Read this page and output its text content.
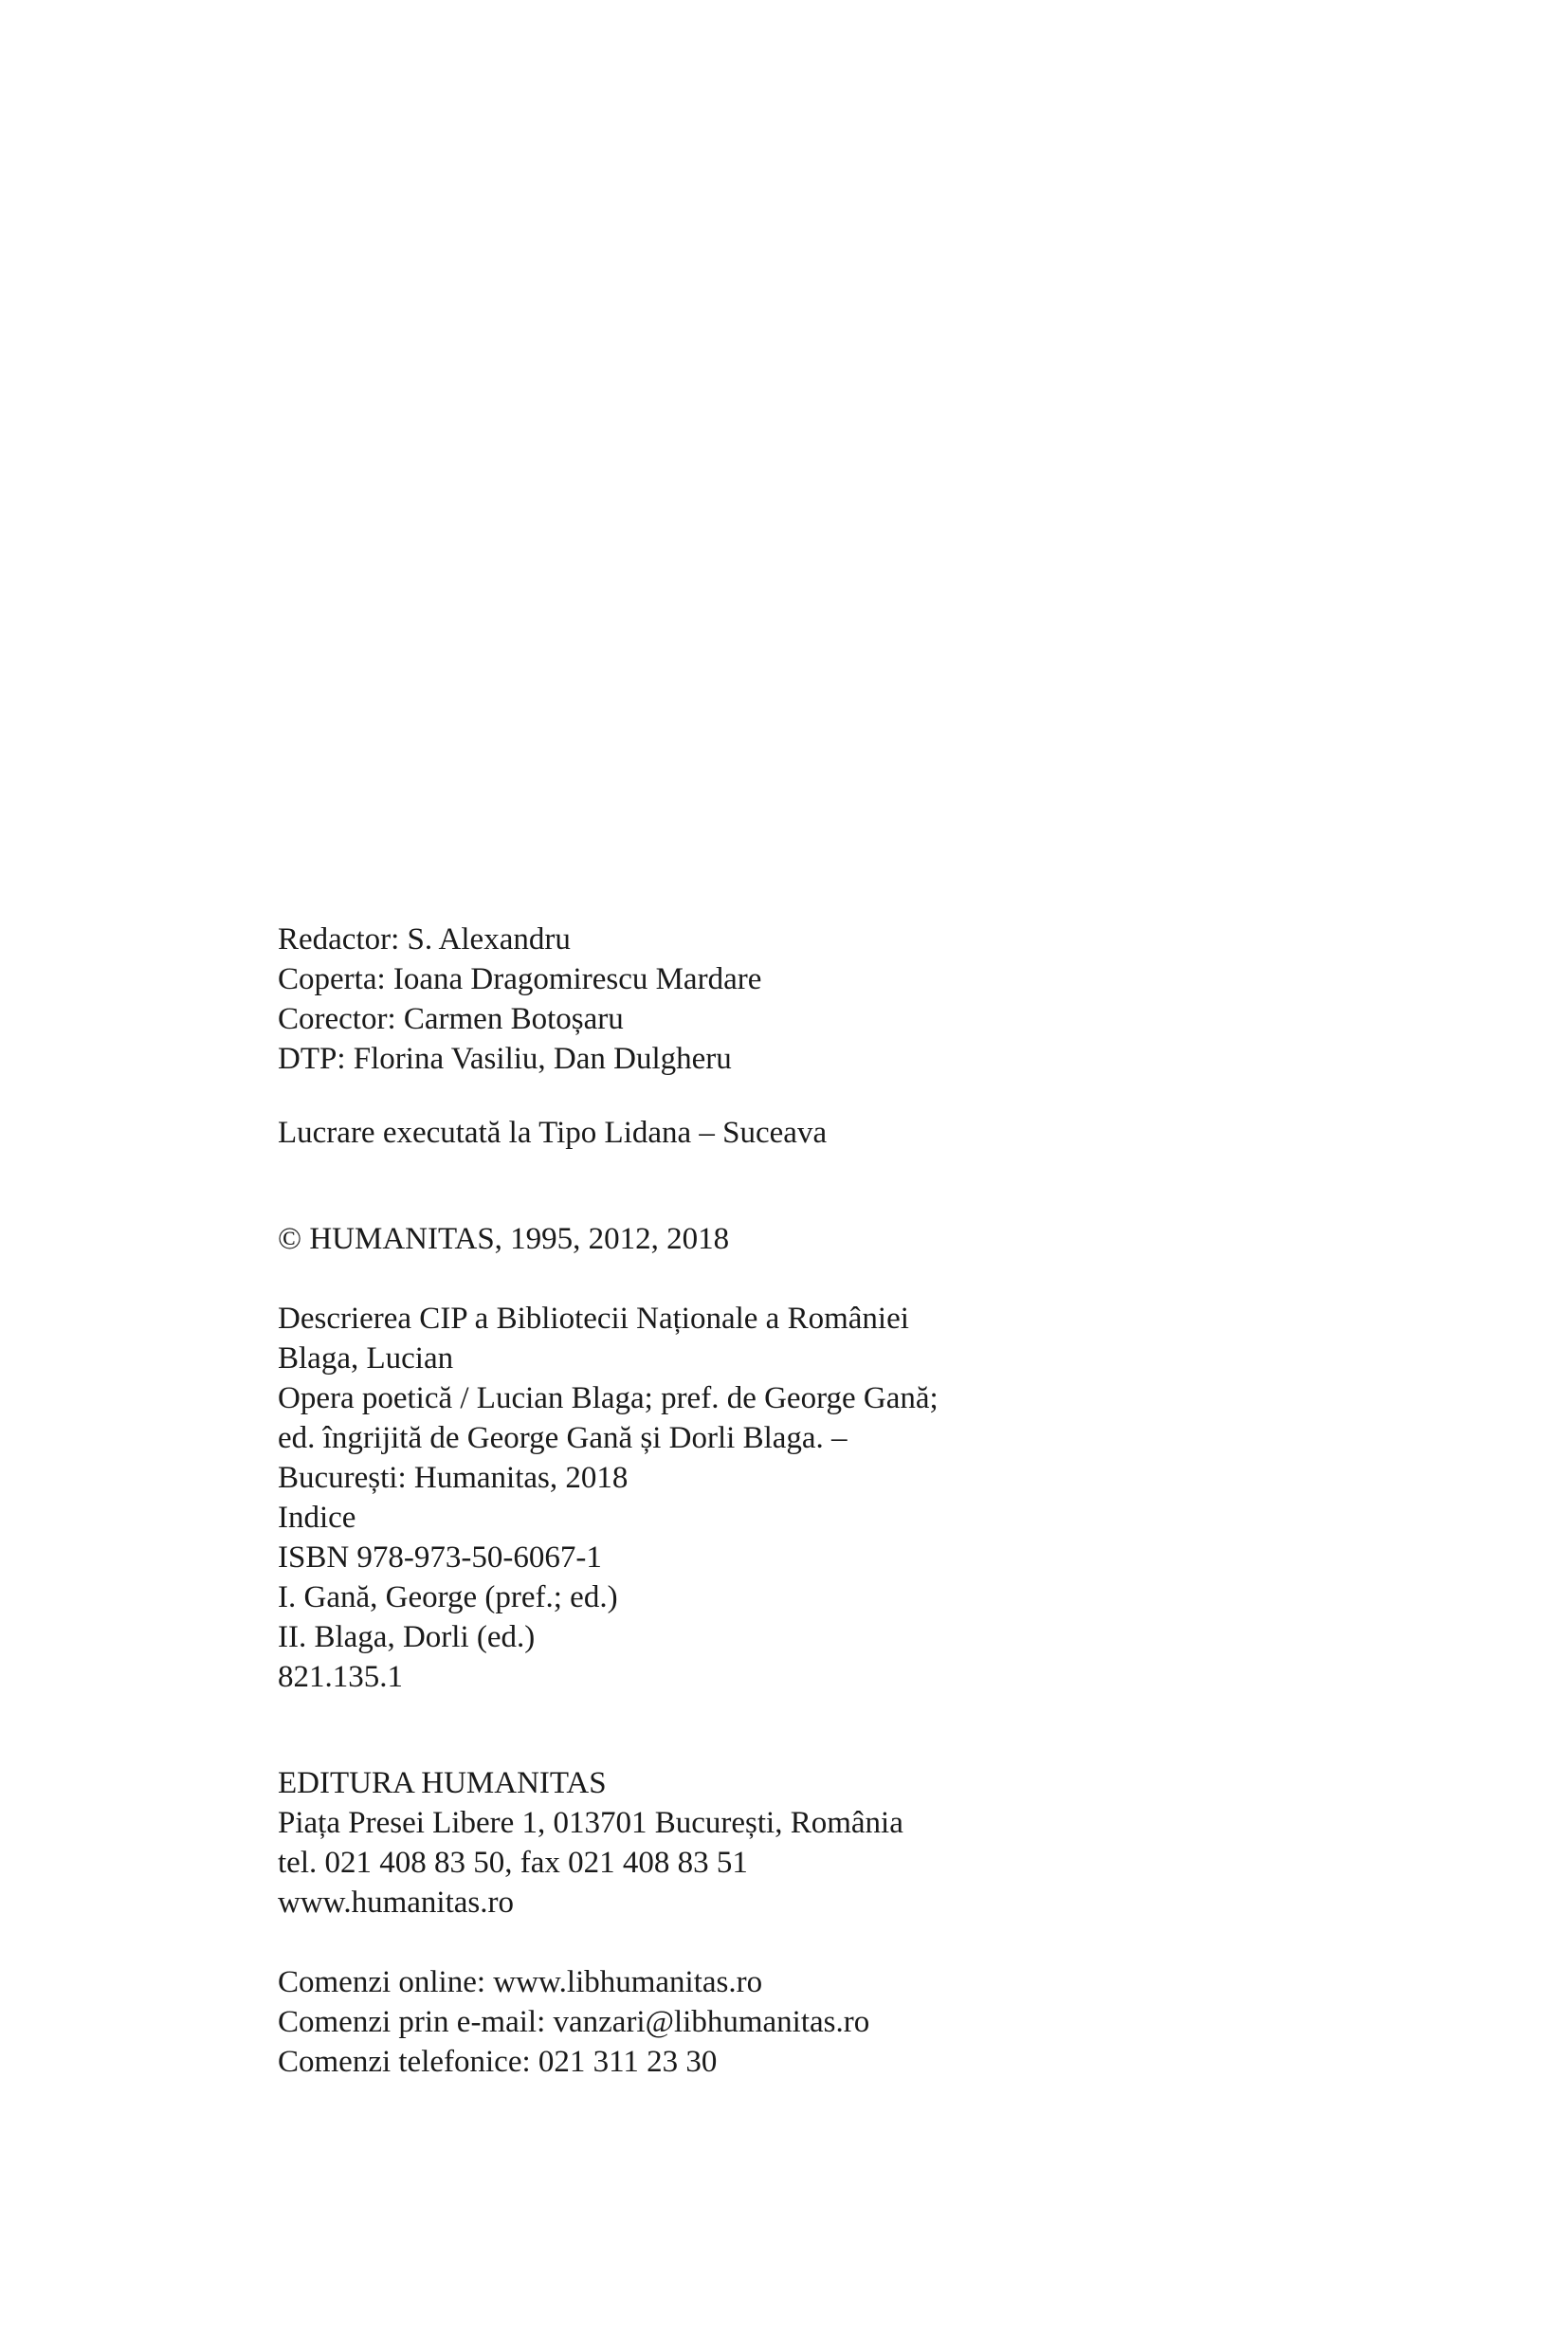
Redactor: S. Alexandru
Coperta: Ioana Dragomirescu Mardare
Corector: Carmen Botoșaru
DTP: Florina Vasiliu, Dan Dulgheru
Lucrare executată la Tipo Lidana – Suceava
© HUMANITAS, 1995, 2012, 2018
Descrierea CIP a Bibliotecii Naționale a României
Blaga, Lucian
Opera poetică / Lucian Blaga; pref. de George Gană;
ed. îngrijită de George Gană și Dorli Blaga. –
București: Humanitas, 2018
Indice
ISBN 978-973-50-6067-1
I. Gană, George (pref.; ed.)
II. Blaga, Dorli (ed.)
821.135.1
EDITURA HUMANITAS
Piața Presei Libere 1, 013701 București, România
tel. 021 408 83 50, fax 021 408 83 51
www.humanitas.ro
Comenzi online: www.libhumanitas.ro
Comenzi prin e-mail: vanzari@libhumanitas.ro
Comenzi telefonice: 021 311 23 30
